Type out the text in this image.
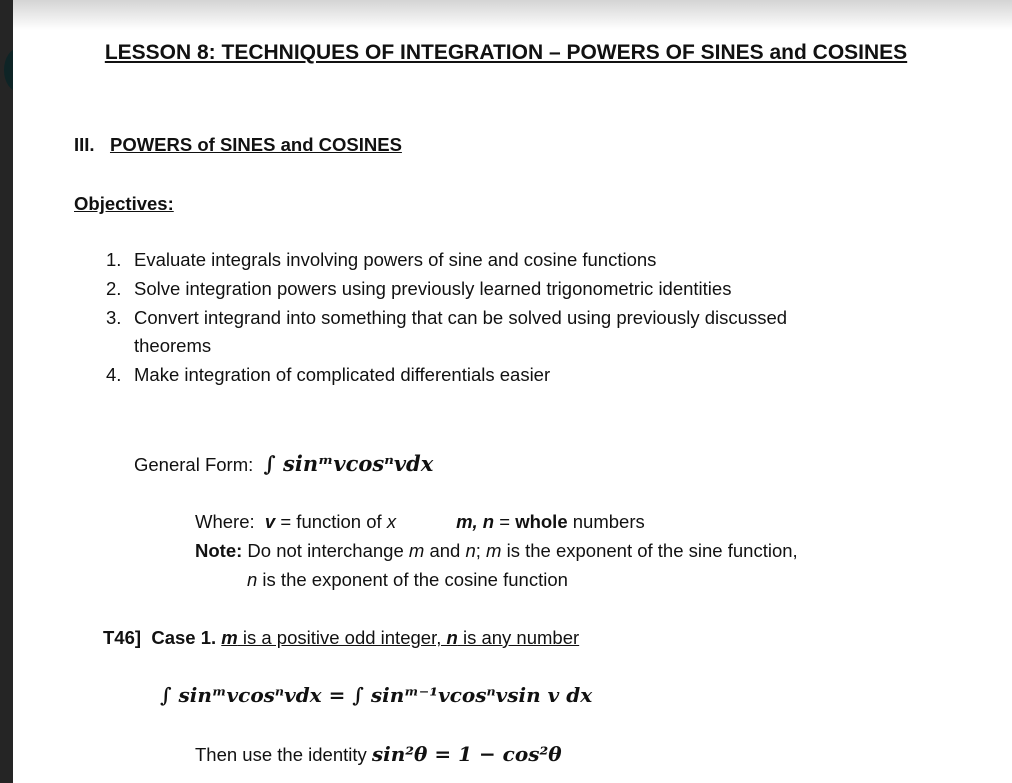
LESSON 8: TECHNIQUES OF INTEGRATION – POWERS OF SINES and COSINES
III. POWERS of SINES and COSINES
Objectives:
1. Evaluate integrals involving powers of sine and cosine functions
2. Solve integration powers using previously learned trigonometric identities
3. Convert integrand into something that can be solved using previously discussed
theorems
4. Make integration of complicated differentials easier
General Form: ∫ sinᵐvcosⁿvdx
Where: v = function of x	m, n = whole numbers
Note: Do not interchange m and n; m is the exponent of the sine function,
n is the exponent of the cosine function
T46] Case 1. m is a positive odd integer, n is any number
∫ sinᵐvcosⁿvdx = ∫ sinᵐ⁻¹vcosⁿvsin v dx
Then use the identity sin²θ = 1 − cos²θ
